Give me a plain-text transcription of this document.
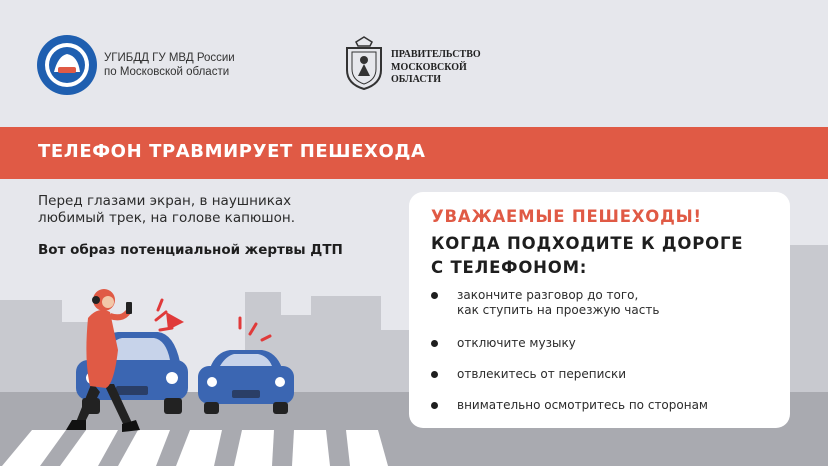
УГИБДД ГУ МВД России
по Московской области
ПРАВИТЕЛЬСТВО
МОСКОВСКОЙ
ОБЛАСТИ
ТЕЛЕФОН ТРАВМИРУЕТ ПЕШЕХОДА
Перед глазами экран, в наушниках
любимый трек, на голове капюшон.
Вот образ потенциальной жертвы ДТП
УВАЖАЕМЫЕ ПЕШЕХОДЫ!
КОГДА ПОДХОДИТЕ К ДОРОГЕ
С ТЕЛЕФОНОМ:
закончите разговор до того,
как ступить на проезжую часть
отключите музыку
отвлекитесь от переписки
внимательно осмотритесь по сторонам
